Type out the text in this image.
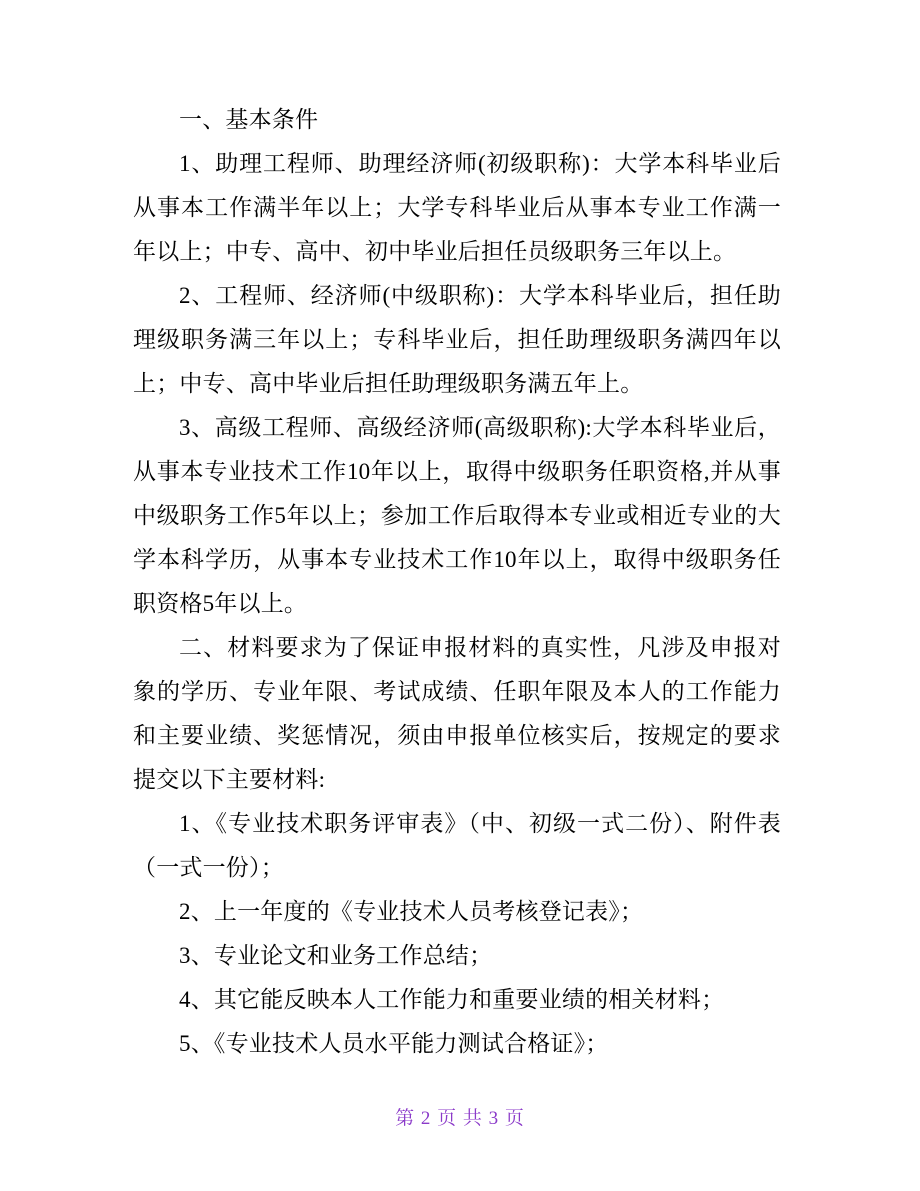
一、基本条件

1、助理工程师、助理经济师(初级职称)：大学本科毕业后从事本工作满半年以上；大学专科毕业后从事本专业工作满一年以上；中专、高中、初中毕业后担任员级职务三年以上。

2、工程师、经济师(中级职称)：大学本科毕业后，担任助理级职务满三年以上；专科毕业后，担任助理级职务满四年以上；中专、高中毕业后担任助理级职务满五年上。

3、高级工程师、高级经济师(高级职称):大学本科毕业后，从事本专业技术工作10年以上，取得中级职务任职资格,并从事中级职务工作5年以上；参加工作后取得本专业或相近专业的大学本科学历，从事本专业技术工作10年以上，取得中级职务任职资格5年以上。

二、材料要求为了保证申报材料的真实性，凡涉及申报对象的学历、专业年限、考试成绩、任职年限及本人的工作能力和主要业绩、奖惩情况，须由申报单位核实后，按规定的要求提交以下主要材料:

1、《专业技术职务评审表》（中、初级一式二份）、附件表（一式一份）；

2、上一年度的《专业技术人员考核登记表》；

3、专业论文和业务工作总结；

4、其它能反映本人工作能力和重要业绩的相关材料；

5、《专业技术人员水平能力测试合格证》；

第 2 页 共 3 页
